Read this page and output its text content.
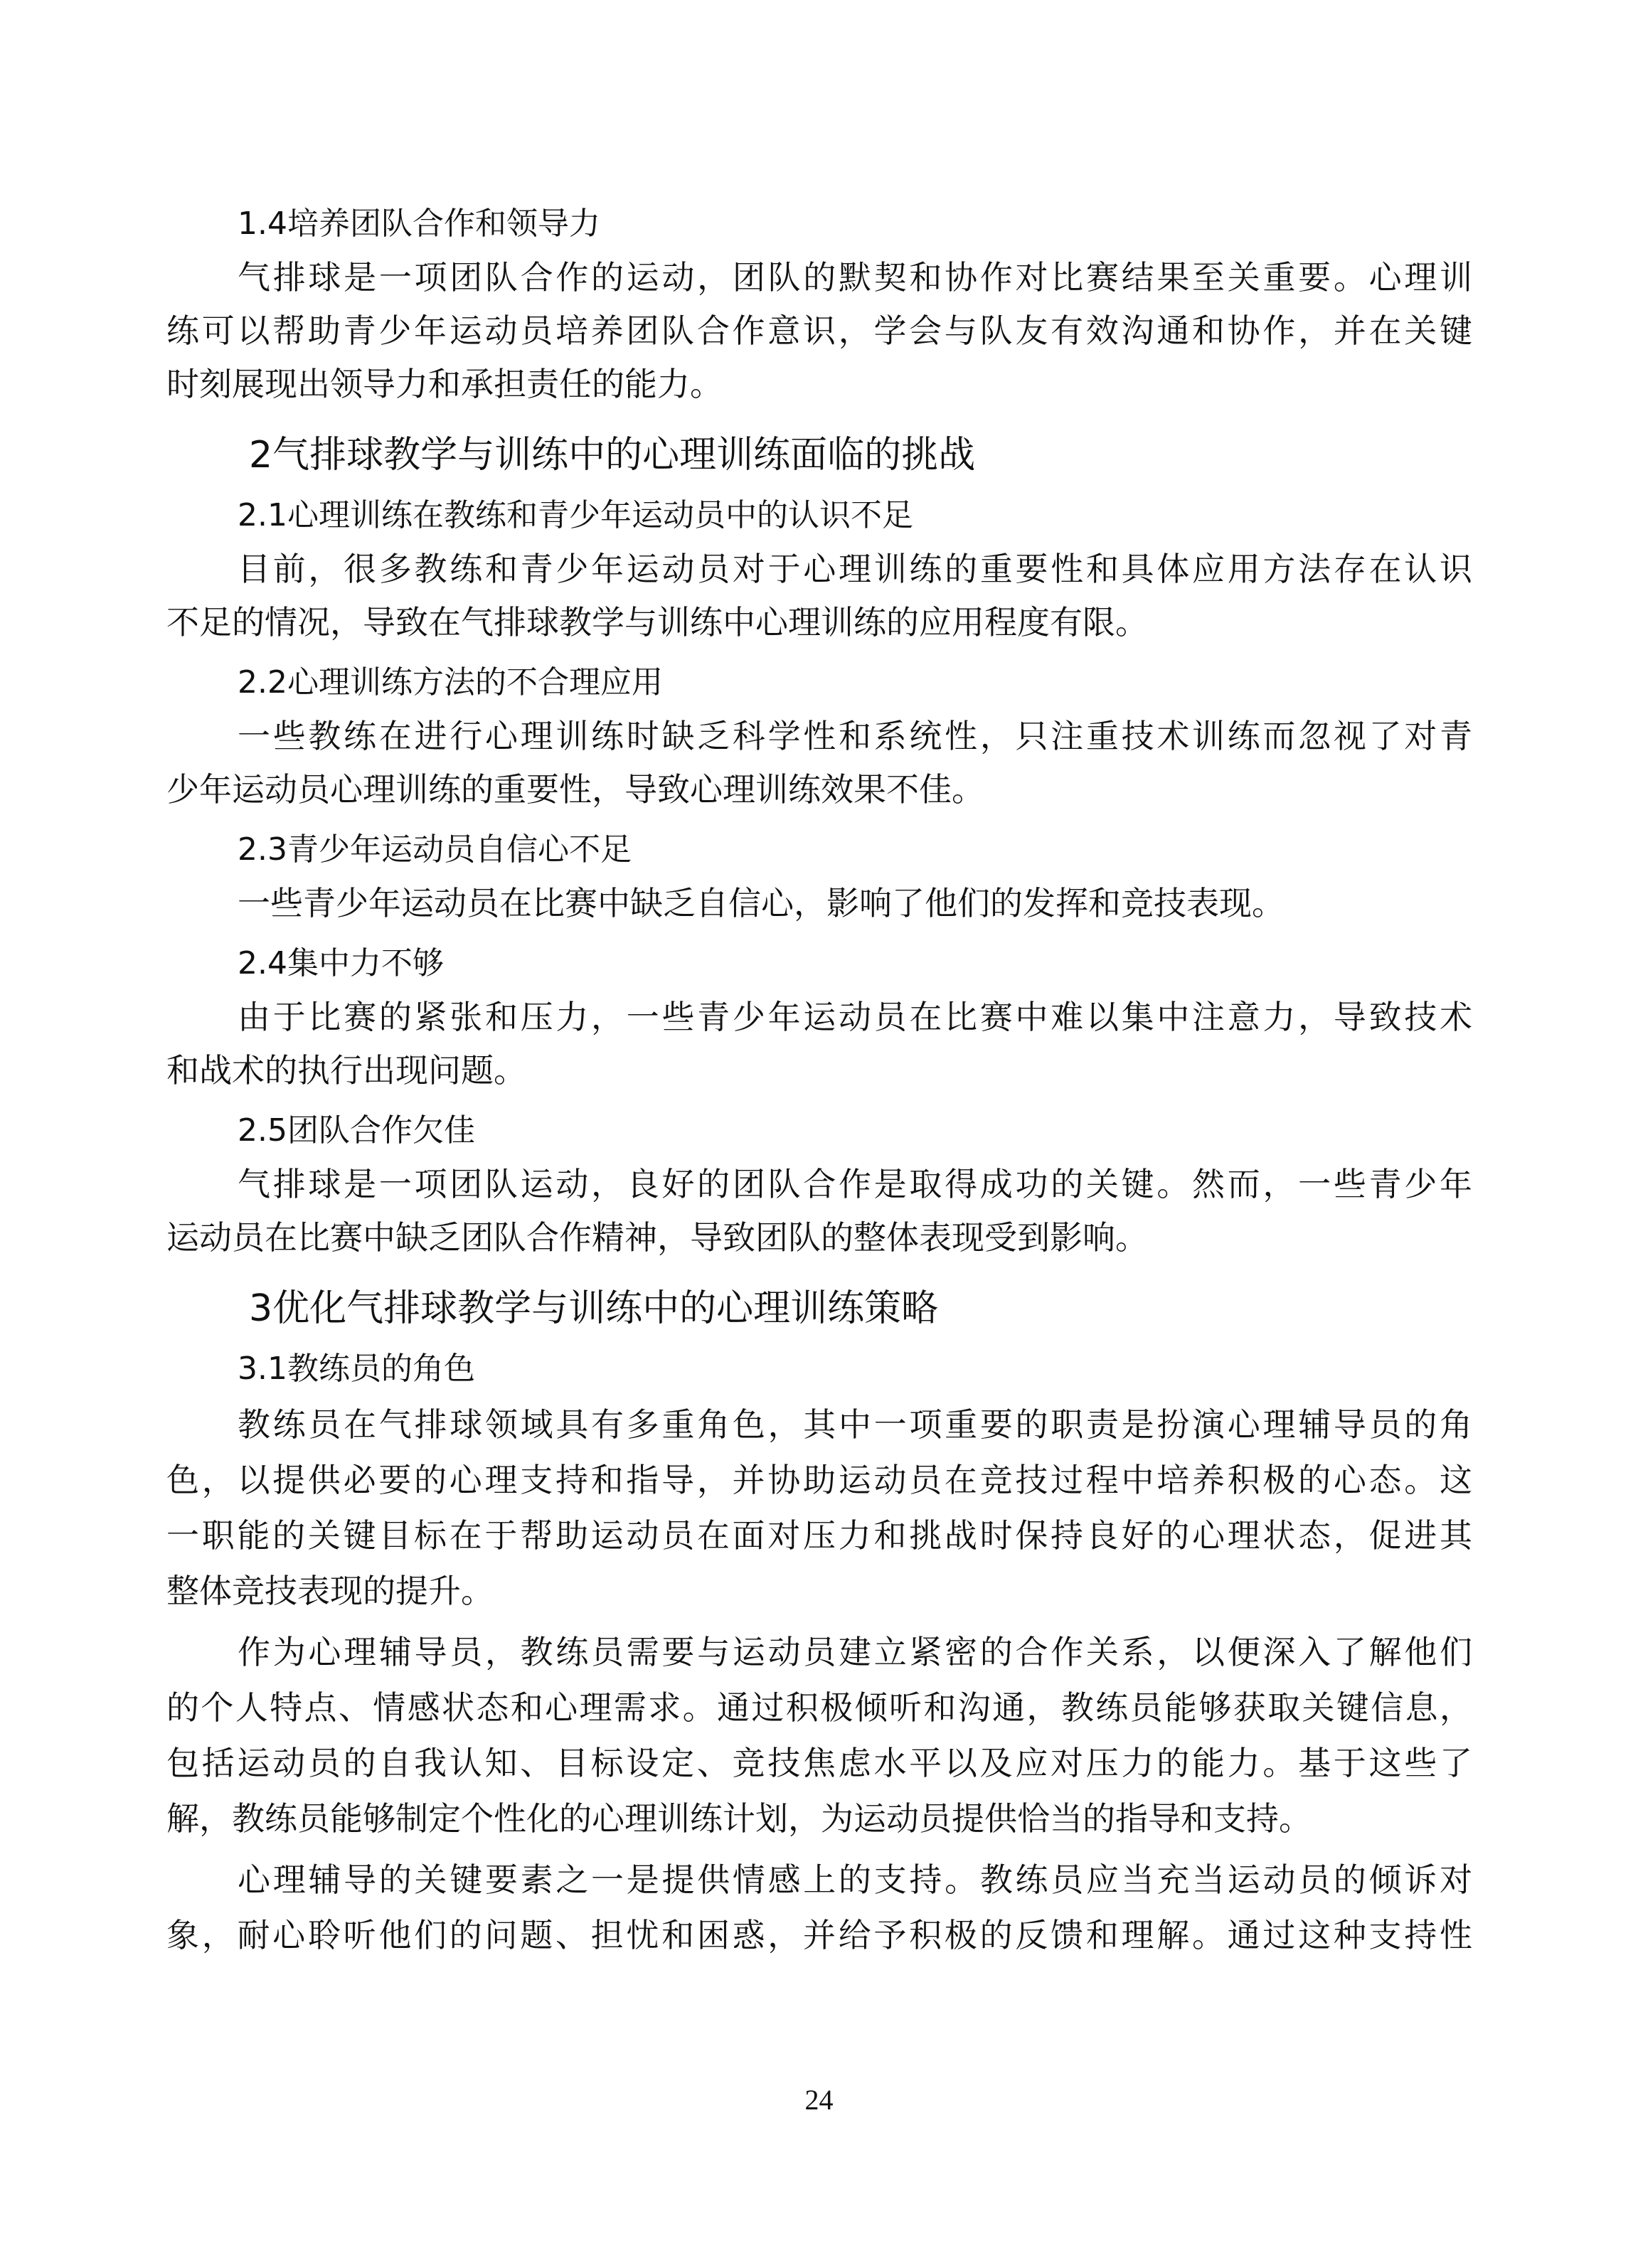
1.4培养团队合作和领导力
气排球是一项团队合作的运动，团队的默契和协作对比赛结果至关重要。心理训
练可以帮助青少年运动员培养团队合作意识，学会与队友有效沟通和协作，并在关键
时刻展现出领导力和承担责任的能力。
2气排球教学与训练中的心理训练面临的挑战
2.1心理训练在教练和青少年运动员中的认识不足
目前，很多教练和青少年运动员对于心理训练的重要性和具体应用方法存在认识
不足的情况，导致在气排球教学与训练中心理训练的应用程度有限。
2.2心理训练方法的不合理应用
一些教练在进行心理训练时缺乏科学性和系统性，只注重技术训练而忽视了对青
少年运动员心理训练的重要性，导致心理训练效果不佳。
2.3青少年运动员自信心不足
一些青少年运动员在比赛中缺乏自信心，影响了他们的发挥和竞技表现。
2.4集中力不够
由于比赛的紧张和压力，一些青少年运动员在比赛中难以集中注意力，导致技术
和战术的执行出现问题。
2.5团队合作欠佳
气排球是一项团队运动，良好的团队合作是取得成功的关键。然而，一些青少年
运动员在比赛中缺乏团队合作精神，导致团队的整体表现受到影响。
3优化气排球教学与训练中的心理训练策略
3.1教练员的角色
教练员在气排球领域具有多重角色，其中一项重要的职责是扮演心理辅导员的角
色，以提供必要的心理支持和指导，并协助运动员在竞技过程中培养积极的心态。这
一职能的关键目标在于帮助运动员在面对压力和挑战时保持良好的心理状态，促进其
整体竞技表现的提升。
作为心理辅导员，教练员需要与运动员建立紧密的合作关系，以便深入了解他们
的个人特点、情感状态和心理需求。通过积极倾听和沟通，教练员能够获取关键信息，
包括运动员的自我认知、目标设定、竞技焦虑水平以及应对压力的能力。基于这些了
解，教练员能够制定个性化的心理训练计划，为运动员提供恰当的指导和支持。
心理辅导的关键要素之一是提供情感上的支持。教练员应当充当运动员的倾诉对
象，耐心聆听他们的问题、担忧和困惑，并给予积极的反馈和理解。通过这种支持性
24
